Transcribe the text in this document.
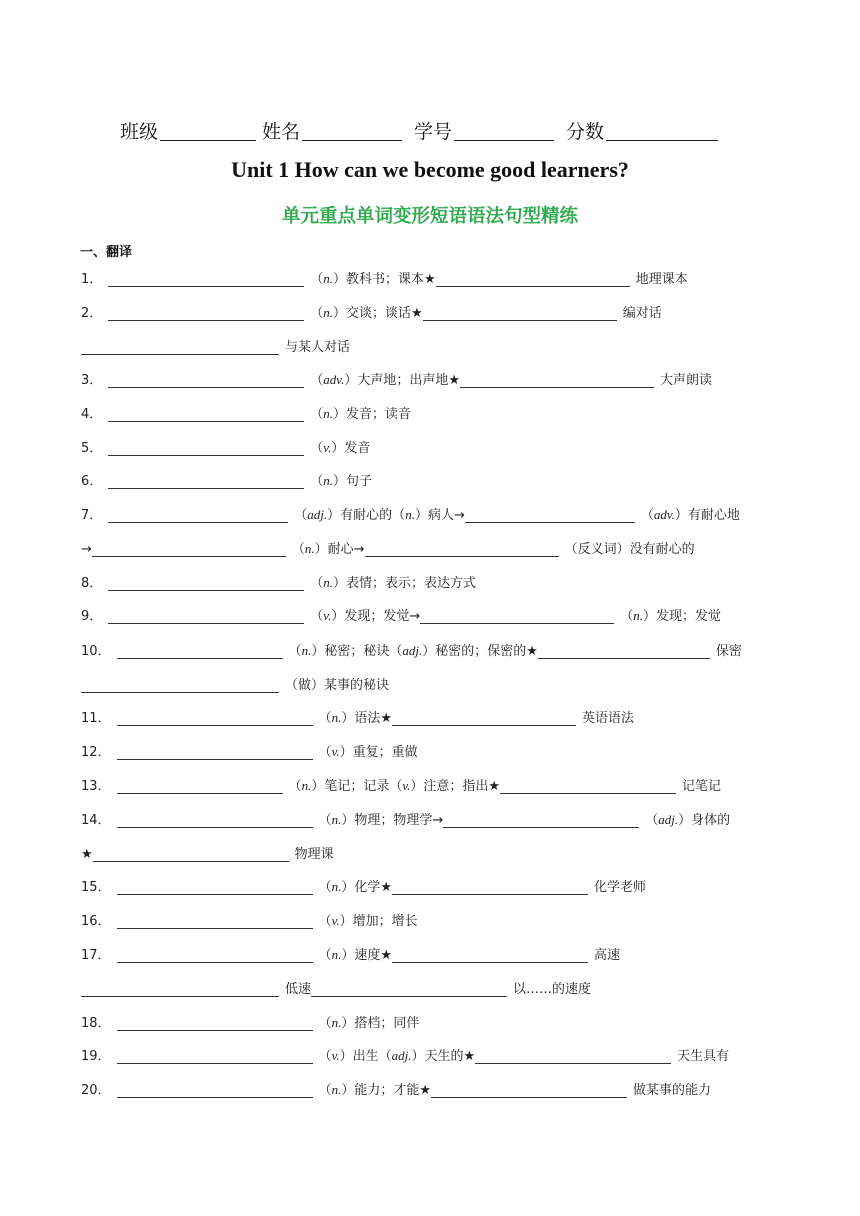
班级	姓名	学号	分数
Unit 1 How can we become good learners?
单元重点单词变形短语语法句型精练
一、翻译
1．	（ n. ）教科书；课本★	地理课本
2．	（ n. ）交谈；谈话★	编对话
与某人对话
3．	（ adv. ）大声地；出声地★	大声朗读
4．	（ n. ）发音；读音
5．	（ v. ）发音
6．	（ n. ）句子
7．	（ adj. ）有耐心的（ n. ）病人→	（ adv. ）有耐心地
→	（ n. ）耐心→	（反义词）没有耐心的
8．	（ n. ）表情；表示；表达方式
9．	（ v. ）发现；发觉→	（ n. ）发现；发觉
10．	（ n. ）秘密；秘诀（ adj. ）秘密的；保密的★	保密
（做）某事的秘诀
11．	（ n. ）语法★	英语语法
12．	（ v. ）重复；重做
13．	（ n. ）笔记；记录（ v. ）注意；指出★	记笔记
14．	（ n. ）物理；物理学→	（ adj. ）身体的
★	物理课
15．	（ n. ）化学★	化学老师
16．	（ v. ）增加；增长
17．	（ n. ）速度★	高速
低速	以……的速度
18．	（ n. ）搭档；同伴
19．	（ v. ）出生（ adj. ）天生的★	天生具有
20．	（ n. ）能力；才能★	做某事的能力
